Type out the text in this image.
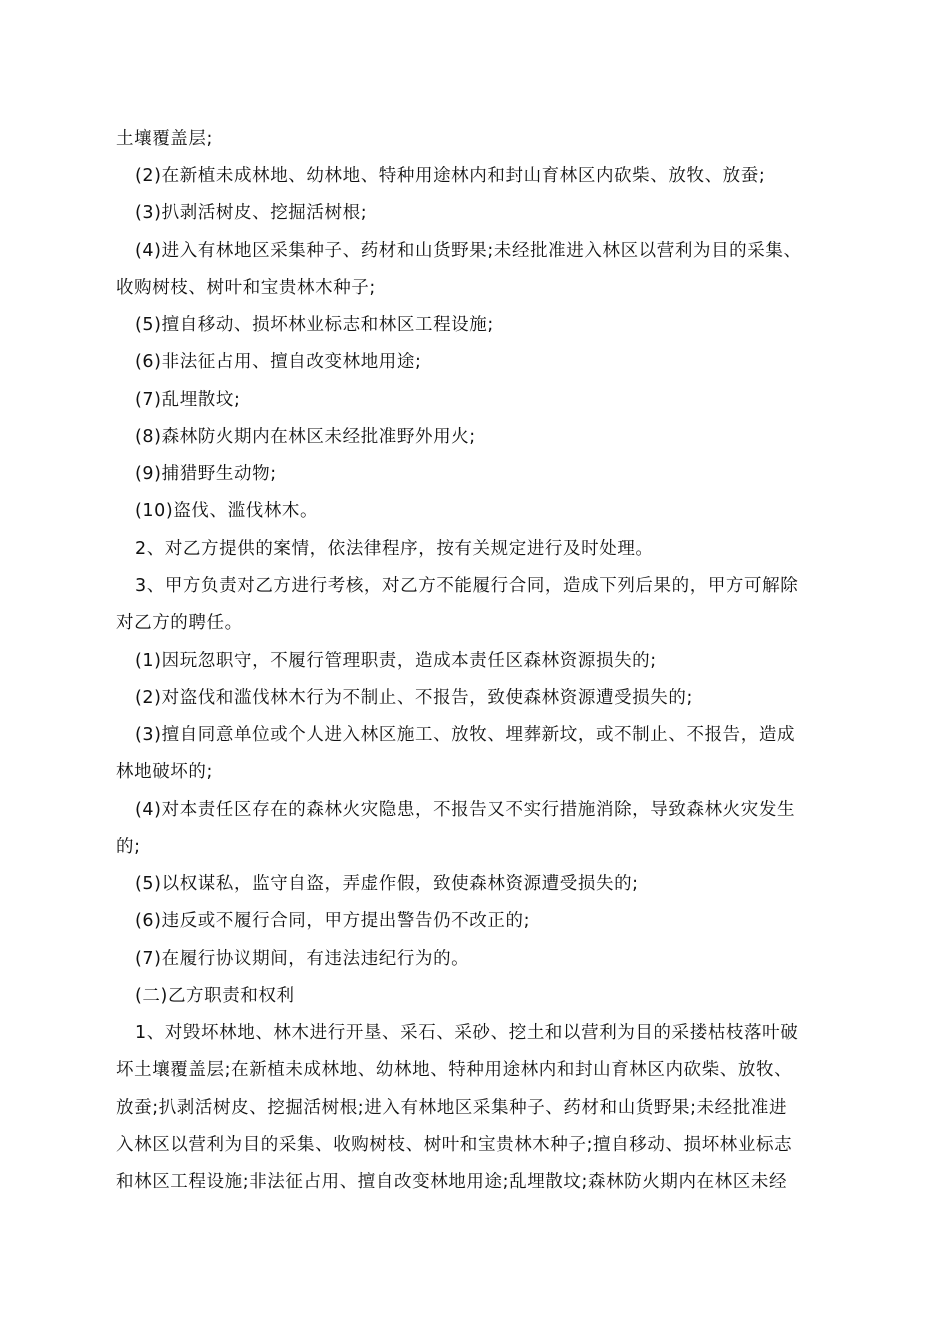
土壤覆盖层;
(2)在新植未成林地、幼林地、特种用途林内和封山育林区内砍柴、放牧、放蚕;
(3)扒剥活树皮、挖掘活树根;
(4)进入有林地区采集种子、药材和山货野果;未经批准进入林区以营利为目的采集、
收购树枝、树叶和宝贵林木种子;
(5)擅自移动、损坏林业标志和林区工程设施;
(6)非法征占用、擅自改变林地用途;
(7)乱埋散坟;
(8)森林防火期内在林区未经批准野外用火;
(9)捕猎野生动物;
(10)盗伐、滥伐林木。
2、对乙方提供的案情，依法律程序，按有关规定进行及时处理。
3、甲方负责对乙方进行考核，对乙方不能履行合同，造成下列后果的，甲方可解除
对乙方的聘任。
(1)因玩忽职守，不履行管理职责，造成本责任区森林资源损失的;
(2)对盗伐和滥伐林木行为不制止、不报告，致使森林资源遭受损失的;
(3)擅自同意单位或个人进入林区施工、放牧、埋葬新坟，或不制止、不报告，造成
林地破坏的;
(4)对本责任区存在的森林火灾隐患，不报告又不实行措施消除，导致森林火灾发生
的;
(5)以权谋私，监守自盗，弄虚作假，致使森林资源遭受损失的;
(6)违反或不履行合同，甲方提出警告仍不改正的;
(7)在履行协议期间，有违法违纪行为的。
(二)乙方职责和权利
1、对毁坏林地、林木进行开垦、采石、采砂、挖土和以营利为目的采搂枯枝落叶破
坏土壤覆盖层;在新植未成林地、幼林地、特种用途林内和封山育林区内砍柴、放牧、
放蚕;扒剥活树皮、挖掘活树根;进入有林地区采集种子、药材和山货野果;未经批准进
入林区以营利为目的采集、收购树枝、树叶和宝贵林木种子;擅自移动、损坏林业标志
和林区工程设施;非法征占用、擅自改变林地用途;乱埋散坟;森林防火期内在林区未经
